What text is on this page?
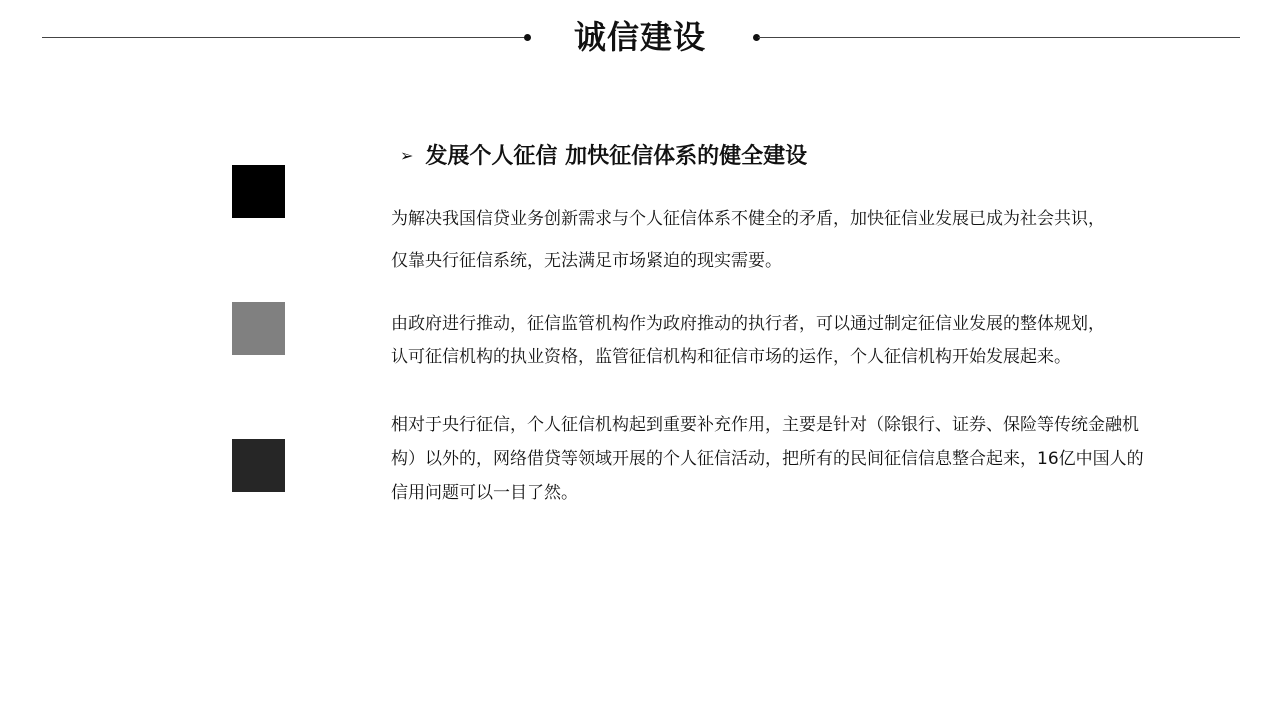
诚信建设
➢ 发展个人征信 加快征信体系的健全建设
为解决我国信贷业务创新需求与个人征信体系不健全的矛盾，加快征信业发展已成为社会共识，
仅靠央行征信系统，无法满足市场紧迫的现实需要。
由政府进行推动，征信监管机构作为政府推动的执行者，可以通过制定征信业发展的整体规划，
认可征信机构的执业资格，监管征信机构和征信市场的运作，个人征信机构开始发展起来。
相对于央行征信，个人征信机构起到重要补充作用，主要是针对（除银行、证券、保险等传统金融机
构）以外的，网络借贷等领域开展的个人征信活动，把所有的民间征信信息整合起来，16亿中国人的
信用问题可以一目了然。
